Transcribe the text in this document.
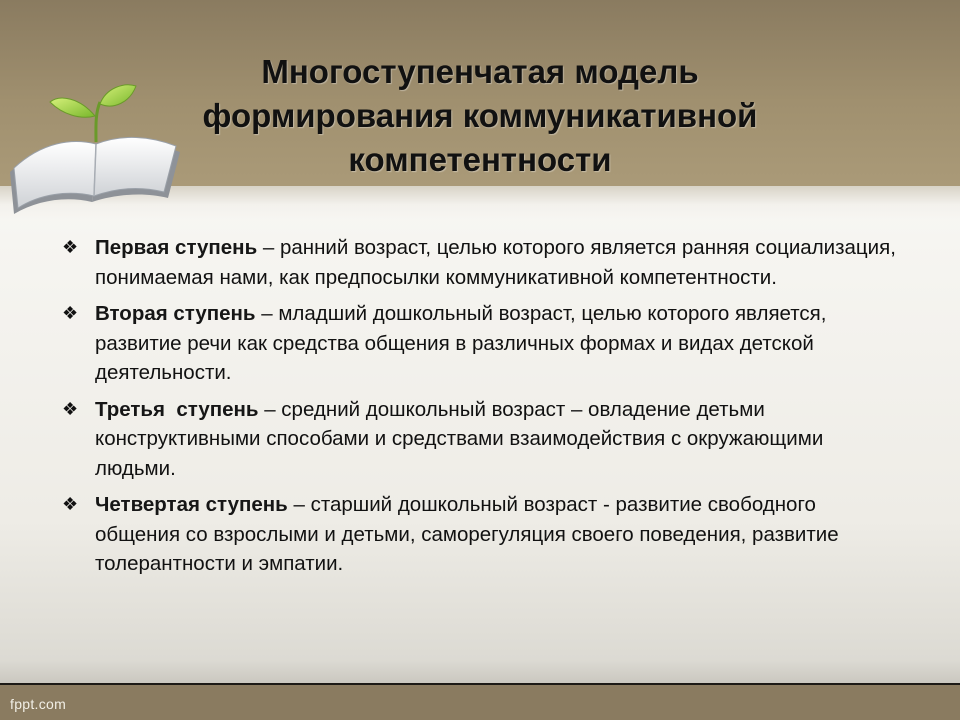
Многоступенчатая модель
формирования коммуникативной
компетентности
❖ Первая ступень – ранний возраст, целью которого является ранняя социализация, понимаемая нами, как предпосылки коммуникативной компетентности.
❖ Вторая ступень – младший дошкольный возраст, целью которого является, развитие речи как средства общения в различных формах и видах детской деятельности.
❖ Третья  ступень – средний дошкольный возраст – овладение детьми конструктивными способами и средствами взаимодействия с окружающими людьми.
❖ Четвертая ступень – старший дошкольный возраст - развитие свободного общения со взрослыми и детьми, саморегуляция своего поведения, развитие толерантности и эмпатии.
fppt.com
